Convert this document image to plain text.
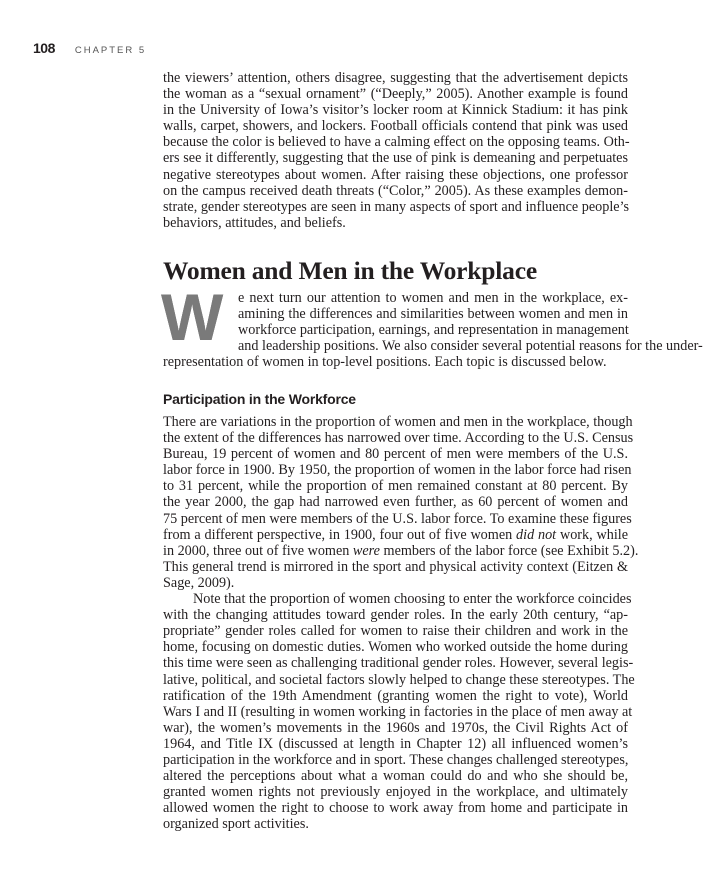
108 CHAPTER 5

the viewers’ attention, others disagree, suggesting that the advertisement depicts
the woman as a “sexual ornament” (“Deeply,” 2005). Another example is found
in the University of Iowa’s visitor’s locker room at Kinnick Stadium: it has pink
walls, carpet, showers, and lockers. Football officials contend that pink was used
because the color is believed to have a calming effect on the opposing teams. Oth-
ers see it differently, suggesting that the use of pink is demeaning and perpetuates
negative stereotypes about women. After raising these objections, one professor
on the campus received death threats (“Color,” 2005). As these examples demon-
strate, gender stereotypes are seen in many aspects of sport and influence people’s
behaviors, attitudes, and beliefs.

Women and Men in the Workplace
W	e next turn our attention to women and men in the workplace, ex-
amining the differences and similarities between women and men in
workforce participation, earnings, and representation in management
and leadership positions. We also consider several potential reasons for the under-
representation of women in top-level positions. Each topic is discussed below.

Participation in the Workforce

There are variations in the proportion of women and men in the workplace, though
the extent of the differences has narrowed over time. According to the U.S. Census
Bureau, 19 percent of women and 80 percent of men were members of the U.S.
labor force in 1900. By 1950, the proportion of women in the labor force had risen
to 31 percent, while the proportion of men remained constant at 80 percent. By
the year 2000, the gap had narrowed even further, as 60 percent of women and
75 percent of men were members of the U.S. labor force. To examine these figures
from a different perspective, in 1900, four out of five women did not work, while
in 2000, three out of five women were members of the labor force (see Exhibit 5.2).
This general trend is mirrored in the sport and physical activity context (Eitzen &
Sage, 2009).

Note that the proportion of women choosing to enter the workforce coincides
with the changing attitudes toward gender roles. In the early 20th century, “ap-
propriate” gender roles called for women to raise their children and work in the
home, focusing on domestic duties. Women who worked outside the home during
this time were seen as challenging traditional gender roles. However, several legis-
lative, political, and societal factors slowly helped to change these stereotypes. The
ratification of the 19th Amendment (granting women the right to vote), World
Wars I and II (resulting in women working in factories in the place of men away at
war), the women’s movements in the 1960s and 1970s, the Civil Rights Act of
1964, and Title IX (discussed at length in Chapter 12) all influenced women’s
participation in the workforce and in sport. These changes challenged stereotypes,
altered the perceptions about what a woman could do and who she should be,
granted women rights not previously enjoyed in the workplace, and ultimately
allowed women the right to choose to work away from home and participate in
organized sport activities.
